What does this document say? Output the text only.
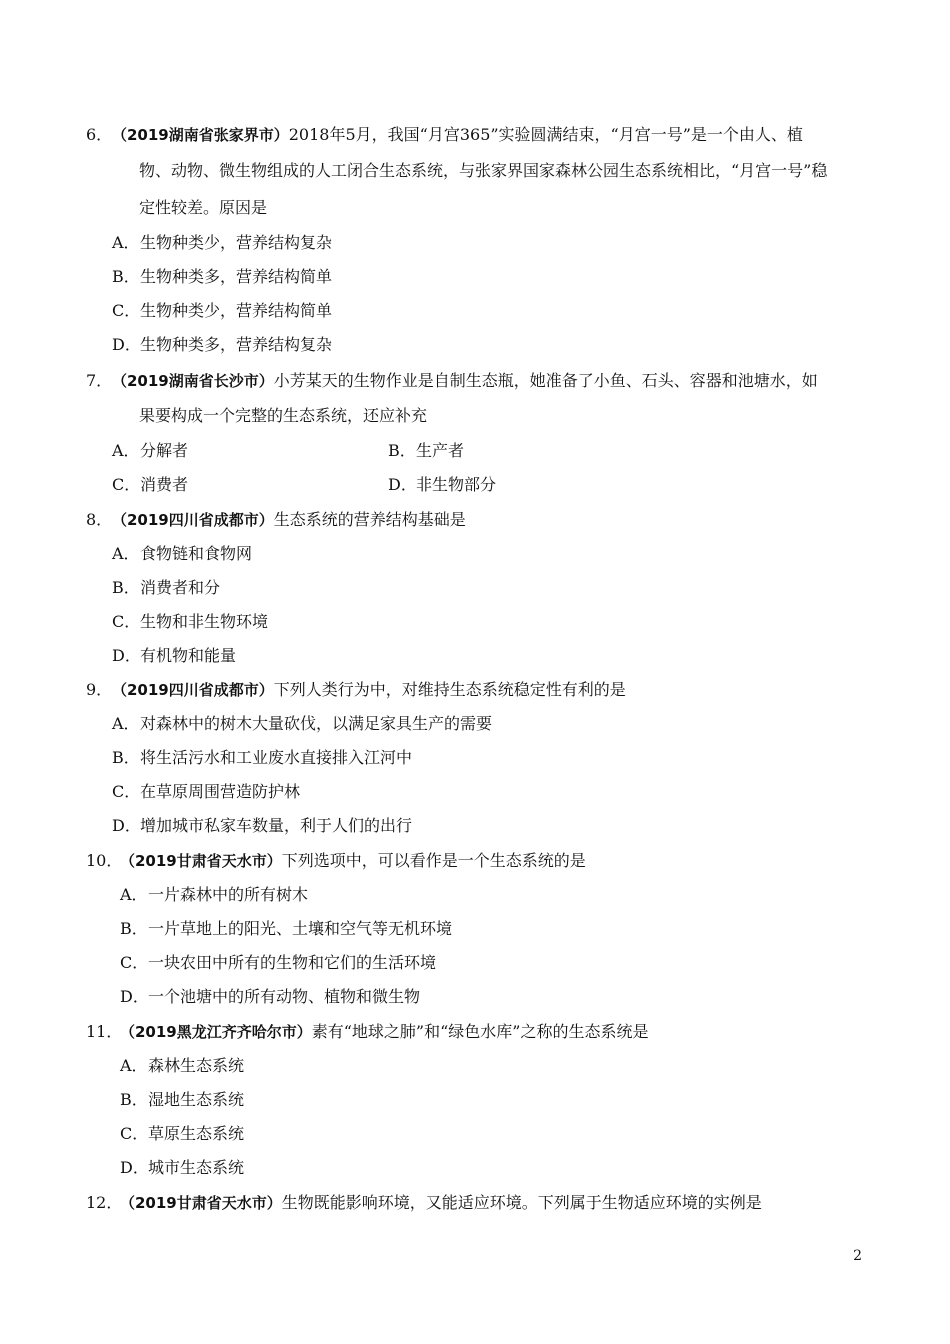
6．（2019湖南省张家界市）2018年5月，我国“月宫365”实验圆满结束，“月宫一号”是一个由人、植
物、动物、微生物组成的人工闭合生态系统，与张家界国家森林公园生态系统相比，“月宫一号”稳
定性较差。原因是
A．生物种类少，营养结构复杂
B．生物种类多，营养结构简单
C．生物种类少，营养结构简单
D．生物种类多，营养结构复杂
7．（2019湖南省长沙市）小芳某天的生物作业是自制生态瓶，她准备了小鱼、石头、容器和池塘水，如
果要构成一个完整的生态系统，还应补充
A．分解者	B．生产者
C．消费者	D．非生物部分
8．（2019四川省成都市）生态系统的营养结构基础是
A．食物链和食物网
B．消费者和分
C．生物和非生物环境
D．有机物和能量
9．（2019四川省成都市）下列人类行为中，对维持生态系统稳定性有利的是
A．对森林中的树木大量砍伐，以满足家具生产的需要
B．将生活污水和工业废水直接排入江河中
C．在草原周围营造防护林
D．增加城市私家车数量，利于人们的出行
10．（2019甘肃省天水市）下列选项中，可以看作是一个生态系统的是
A．一片森林中的所有树木
B．一片草地上的阳光、土壤和空气等无机环境
C．一块农田中所有的生物和它们的生活环境
D．一个池塘中的所有动物、植物和微生物
11．（2019黑龙江齐齐哈尔市）素有“地球之肺”和“绿色水库”之称的生态系统是
A．森林生态系统
B．湿地生态系统
C．草原生态系统
D．城市生态系统
12．（2019甘肃省天水市）生物既能影响环境，又能适应环境。下列属于生物适应环境的实例是
2
